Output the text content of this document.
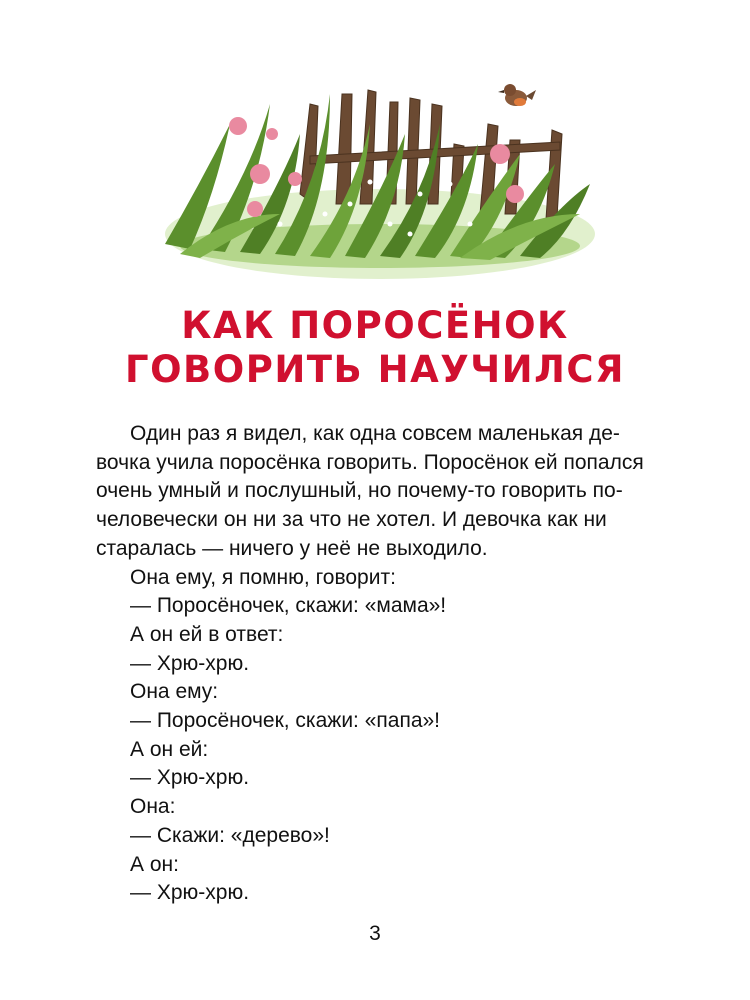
КАК ПОРОСЁНОК
ГОВОРИТЬ НАУЧИЛСЯ
Один раз я видел, как одна совсем маленькая де-
вочка учила поросёнка говорить. Поросёнок ей попался
очень умный и послушный, но почему-то говорить по-
человечески он ни за что не хотел. И девочка как ни
старалась — ничего у неё не выходило.
Она ему, я помню, говорит:
— Поросёночек, скажи: «мама»!
А он ей в ответ:
— Хрю-хрю.
Она ему:
— Поросёночек, скажи: «папа»!
А он ей:
— Хрю-хрю.
Она:
— Скажи: «дерево»!
А он:
— Хрю-хрю.
3
